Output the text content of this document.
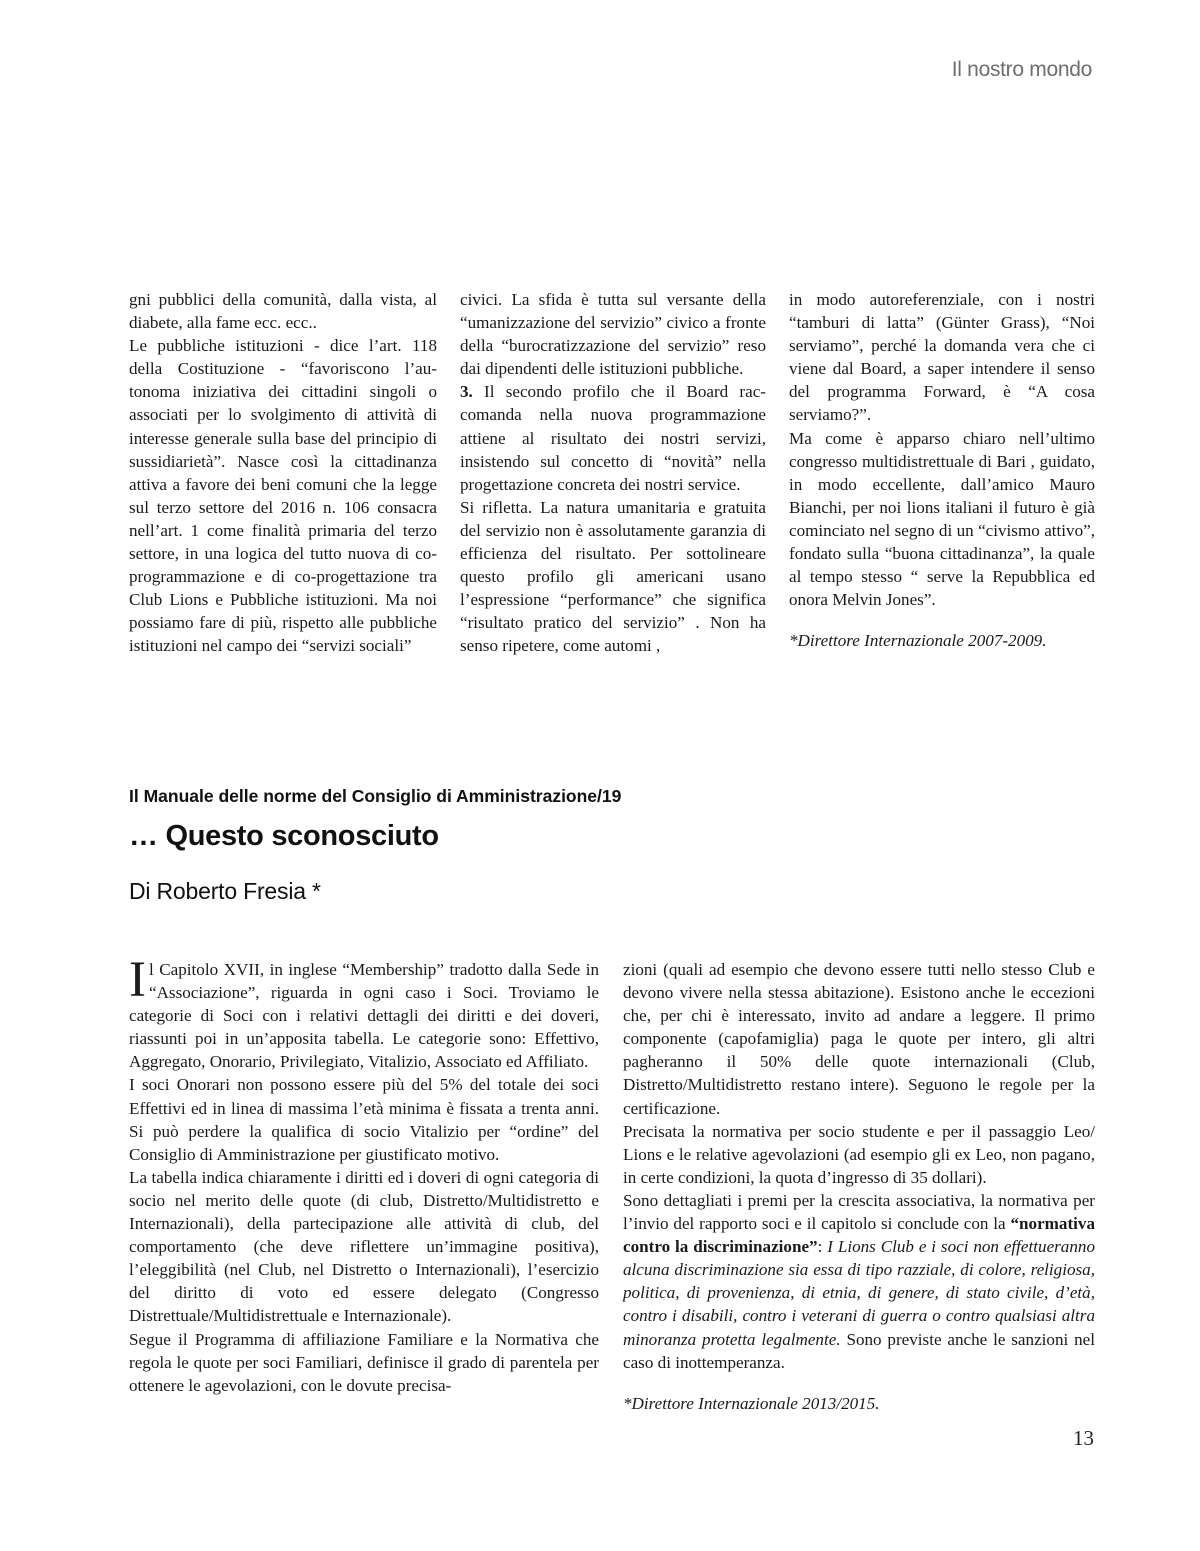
Il nostro mondo

gni pubblici della comunità, dalla vista, al diabete, alla fame ecc. ecc..

Le pubbliche istituzioni - dice l’art. 118 della Costituzione - “favoriscono l’autonoma iniziativa dei cittadini singoli o associati per lo svolgimento di attività di interesse generale sulla base del principio di sussidiarietà”. Nasce così la cittadinanza attiva a favore dei beni comuni che la legge sul terzo settore del 2016 n. 106 consacra nell’art. 1 come finalità primaria del terzo settore, in una logica del tutto nuova di co-programmazione e di co-progettazione tra Club Lions e Pubbliche istituzioni. Ma noi possiamo fare di più, rispetto alle pubbliche istituzioni nel campo dei “servizi sociali”

civici. La sfida è tutta sul versante della “umanizzazione del servizio” civico a fronte della “burocratizzazione del servizio” reso dai dipendenti delle istituzioni pubbliche.

3. Il secondo profilo che il Board raccomanda nella nuova programmazione attiene al risultato dei nostri servizi, insistendo sul concetto di “novità” nella progettazione concreta dei nostri service.

Si rifletta. La natura umanitaria e gratuita del servizio non è assolutamente garanzia di efficienza del risultato. Per sottolineare questo profilo gli americani usano l’espressione “performance” che significa “risultato pratico del servizio” . Non ha senso ripetere, come automi ,

in modo autoreferenziale, con i nostri “tamburi di latta” (Günter Grass), “Noi serviamo”, perché la domanda vera che ci viene dal Board, a saper intendere il senso del programma Forward, è “A cosa serviamo?”.

Ma come è apparso chiaro nell’ultimo congresso multidistrettuale di Bari , guidato, in modo eccellente, dall’amico Mauro Bianchi, per noi lions italiani il futuro è già cominciato nel segno di un “civismo attivo”, fondato sulla “buona cittadinanza”, la quale al tempo stesso “ serve la Repubblica ed onora Melvin Jones”.

*Direttore Internazionale 2007-2009.

Il Manuale delle norme del Consiglio di Amministrazione/19
… Questo sconosciuto
Di Roberto Fresia *

Il Capitolo XVII, in inglese “Membership” tradotto dalla Sede in “Associazione”, riguarda in ogni caso i Soci. Troviamo le categorie di Soci con i relativi dettagli dei diritti e dei doveri, riassunti poi in un’apposita tabella. Le categorie sono: Effettivo, Aggregato, Onorario, Privilegiato, Vitalizio, Associato ed Affiliato.

I soci Onorari non possono essere più del 5% del totale dei soci Effettivi ed in linea di massima l’età minima è fissata a trenta anni. Si può perdere la qualifica di socio Vitalizio per “ordine” del Consiglio di Amministrazione per giustificato motivo.

La tabella indica chiaramente i diritti ed i doveri di ogni categoria di socio nel merito delle quote (di club, Distretto/Multidistretto e Internazionali), della partecipazione alle attività di club, del comportamento (che deve riflettere un’immagine positiva), l’eleggibilità (nel Club, nel Distretto o Internazionali), l’esercizio del diritto di voto ed essere delegato (Congresso Distrettuale/Multidistrettuale e Internazionale).

Segue il Programma di affiliazione Familiare e la Normativa che regola le quote per soci Familiari, definisce il grado di parentela per ottenere le agevolazioni, con le dovute precisa-

zioni (quali ad esempio che devono essere tutti nello stesso Club e devono vivere nella stessa abitazione). Esistono anche le eccezioni che, per chi è interessato, invito ad andare a leggere. Il primo componente (capofamiglia) paga le quote per intero, gli altri pagheranno il 50% delle quote internazionali (Club, Distretto/Multidistretto restano intere). Seguono le regole per la certificazione.

Precisata la normativa per socio studente e per il passaggio Leo/ Lions e le relative agevolazioni (ad esempio gli ex Leo, non pagano, in certe condizioni, la quota d’ingresso di 35 dollari).

Sono dettagliati i premi per la crescita associativa, la normativa per l’invio del rapporto soci e il capitolo si conclude con la “normativa contro la discriminazione”: I Lions Club e i soci non effettueranno alcuna discriminazione sia essa di tipo razziale, di colore, religiosa, politica, di provenienza, di etnia, di genere, di stato civile, d’età, contro i disabili, contro i veterani di guerra o contro qualsiasi altra minoranza protetta legalmente. Sono previste anche le sanzioni nel caso di inottemperanza.

*Direttore Internazionale 2013/2015.

13
